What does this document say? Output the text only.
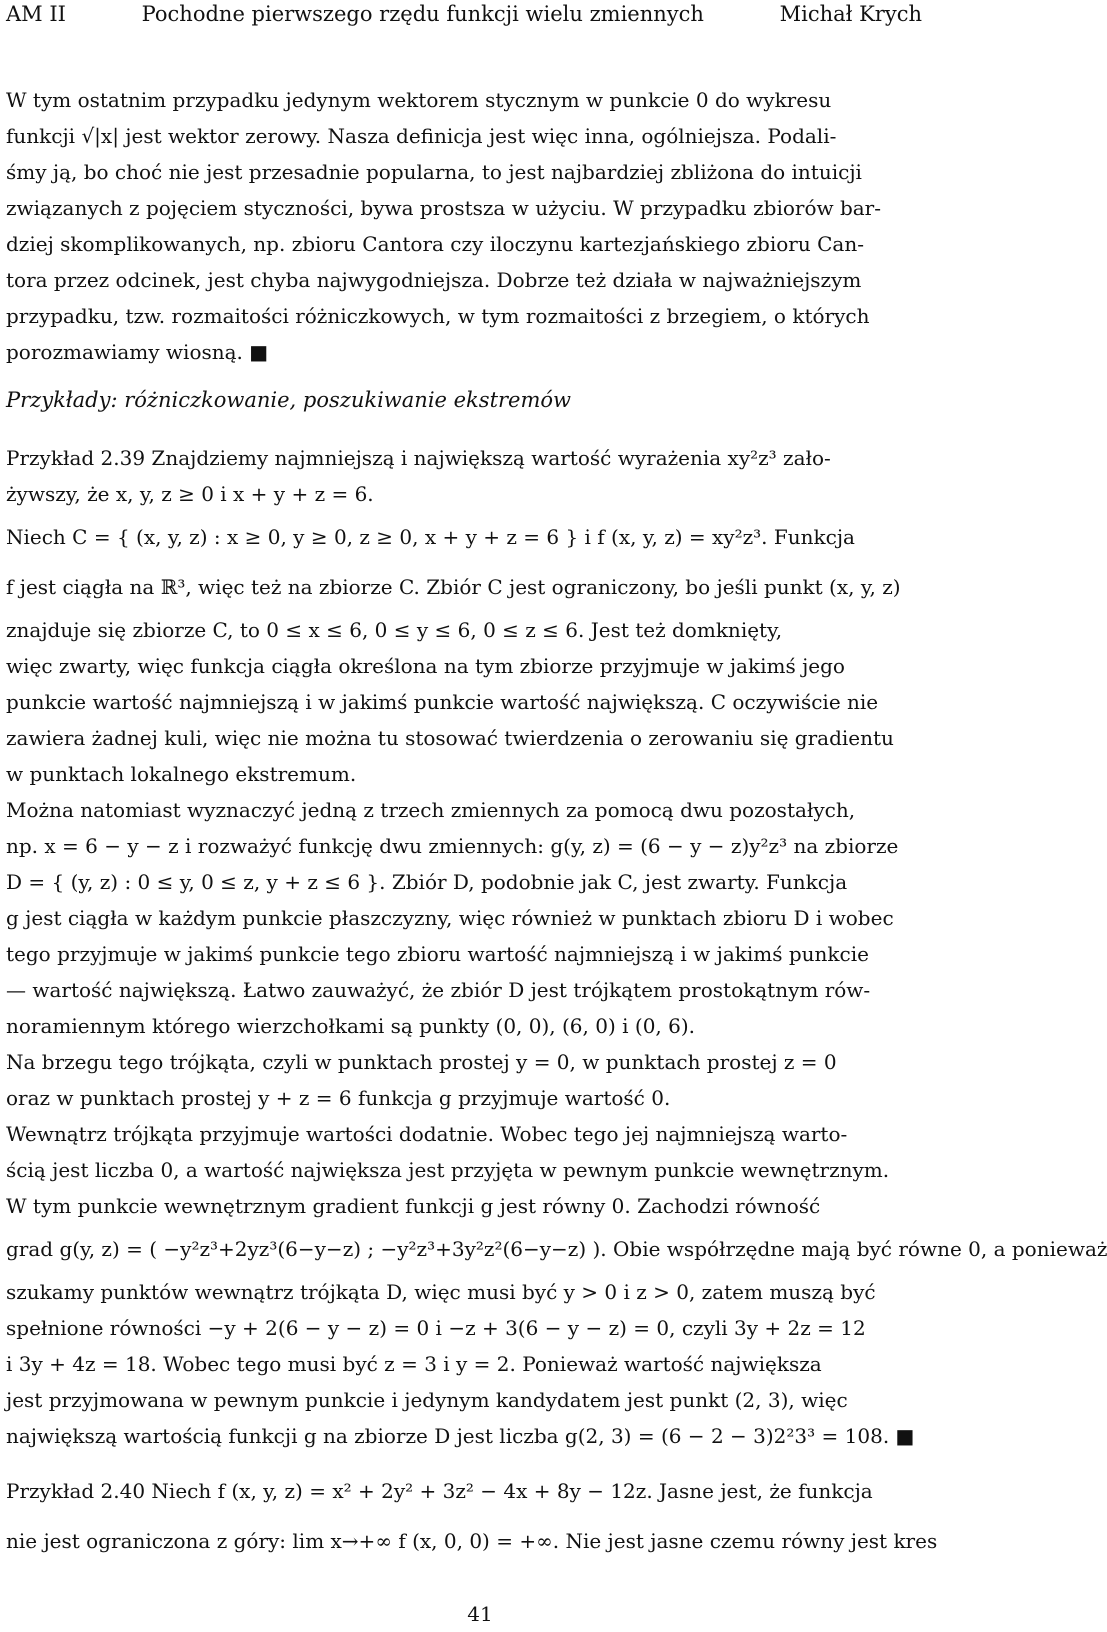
AM II	Pochodne pierwszego rzędu funkcji wielu zmiennych	Michał Krych
W tym ostatnim przypadku jedynym wektorem stycznym w punkcie 0 do wykresu
funkcji √|x| jest wektor zerowy. Nasza definicja jest więc inna, ogólniejsza. Podali-
śmy ją, bo choć nie jest przesadnie popularna, to jest najbardziej zbliżona do intuicji
związanych z pojęciem styczności, bywa prostsza w użyciu. W przypadku zbiorów bar-
dziej skomplikowanych, np. zbioru Cantora czy iloczynu kartezjańskiego zbioru Can-
tora przez odcinek, jest chyba najwygodniejsza. Dobrze też działa w najważniejszym
przypadku, tzw. rozmaitości różniczkowych, w tym rozmaitości z brzegiem, o których
porozmawiamy wiosną. ■
Przykłady: różniczkowanie, poszukiwanie ekstremów
Przykład 2.39 Znajdziemy najmniejszą i największą wartość wyrażenia xy²z³ zało-
żywszy, że x, y, z ≥ 0 i x + y + z = 6.
Niech C = { (x, y, z) : x ≥ 0, y ≥ 0, z ≥ 0, x + y + z = 6 } i f (x, y, z) = xy²z³. Funkcja
f jest ciągła na ℝ³, więc też na zbiorze C. Zbiór C jest ograniczony, bo jeśli punkt (x, y, z)
znajduje się zbiorze C, to 0 ≤ x ≤ 6, 0 ≤ y ≤ 6, 0 ≤ z ≤ 6. Jest też domknięty,
więc zwarty, więc funkcja ciągła określona na tym zbiorze przyjmuje w jakimś jego
punkcie wartość najmniejszą i w jakimś punkcie wartość największą. C oczywiście nie
zawiera żadnej kuli, więc nie można tu stosować twierdzenia o zerowaniu się gradientu
w punktach lokalnego ekstremum.
Można natomiast wyznaczyć jedną z trzech zmiennych za pomocą dwu pozostałych,
np. x = 6 − y − z i rozważyć funkcję dwu zmiennych: g(y, z) = (6 − y − z)y²z³ na zbiorze
D = { (y, z) : 0 ≤ y, 0 ≤ z, y + z ≤ 6 }. Zbiór D, podobnie jak C, jest zwarty. Funkcja
g jest ciągła w każdym punkcie płaszczyzny, więc również w punktach zbioru D i wobec
tego przyjmuje w jakimś punkcie tego zbioru wartość najmniejszą i w jakimś punkcie
— wartość największą. Łatwo zauważyć, że zbiór D jest trójkątem prostokątnym rów-
noramiennym którego wierzchołkami są punkty (0, 0), (6, 0) i (0, 6).
Na brzegu tego trójkąta, czyli w punktach prostej y = 0, w punktach prostej z = 0
oraz w punktach prostej y + z = 6 funkcja g przyjmuje wartość 0.
Wewnątrz trójkąta przyjmuje wartości dodatnie. Wobec tego jej najmniejszą warto-
ścią jest liczba 0, a wartość największa jest przyjęta w pewnym punkcie wewnętrznym.
W tym punkcie wewnętrznym gradient funkcji g jest równy 0. Zachodzi równość
grad g(y, z) = ( −y²z³+2yz³(6−y−z) ; −y²z³+3y²z²(6−y−z) ). Obie współrzędne mają być równe 0, a ponieważ
szukamy punktów wewnątrz trójkąta D, więc musi być y > 0 i z > 0, zatem muszą być
spełnione równości −y + 2(6 − y − z) = 0 i −z + 3(6 − y − z) = 0, czyli 3y + 2z = 12
i 3y + 4z = 18. Wobec tego musi być z = 3 i y = 2. Ponieważ wartość największa
jest przyjmowana w pewnym punkcie i jedynym kandydatem jest punkt (2, 3), więc
największą wartością funkcji g na zbiorze D jest liczba g(2, 3) = (6 − 2 − 3)2²3³ = 108. ■
Przykład 2.40 Niech f (x, y, z) = x² + 2y² + 3z² − 4x + 8y − 12z. Jasne jest, że funkcja
nie jest ograniczona z góry: lim x→+∞ f (x, 0, 0) = +∞. Nie jest jasne czemu równy jest kres
41
